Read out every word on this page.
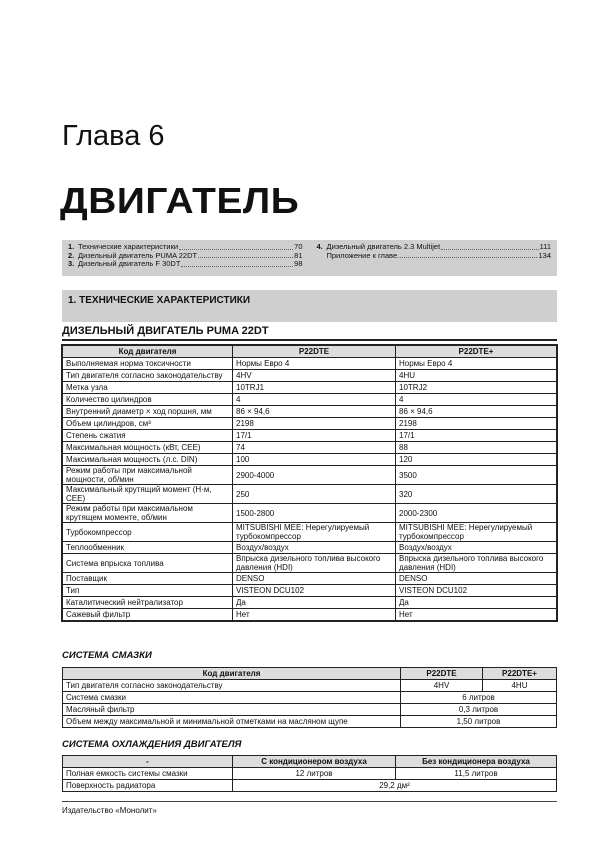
Глава 6
ДВИГАТЕЛЬ
1. Технические характеристики	70
2. Дизельный двигатель PUMA 22DT	81
3. Дизельный двигатель F 30DT	98
4. Дизельный двигатель 2.3 Multijet	111
Приложение к главе	134
1. ТЕХНИЧЕСКИЕ ХАРАКТЕРИСТИКИ
ДИЗЕЛЬНЫЙ ДВИГАТЕЛЬ PUMA 22DT
Код двигателя	P22DTE	P22DTE+
Выполняемая норма токсичности	Нормы Евро 4	Нормы Евро 4
Тип двигателя согласно законодательству	4HV	4HU
Метка узла	10TRJ1	10TRJ2
Количество цилиндров	4	4
Внутренний диаметр × ход поршня, мм	86 × 94,6	86 × 94,6
Объем цилиндров, см³	2198	2198
Степень сжатия	17/1	17/1
Максимальная мощность (кВт, CEE)	74	88
Максимальная мощность (л.с. DIN)	100	120
Режим работы при максимальной мощности, об/мин	2900-4000	3500
Максимальный крутящий момент (Н·м, CEE)	250	320
Режим работы при максимальном крутящем моменте, об/мин	1500-2800	2000-2300
Турбокомпрессор	MITSUBISHI MEE: Нерегулируемый турбокомпрессор	MITSUBISHI MEE: Нерегулируемый турбокомпрессор
Теплообменник	Воздух/воздух	Воздух/воздух
Система впрыска топлива	Впрыска дизельного топлива высокого давления (HDI)	Впрыска дизельного топлива высокого давления (HDI)
Поставщик	DENSO	DENSO
Тип	VISTEON DCU102	VISTEON DCU102
Каталитический нейтрализатор	Да	Да
Сажевый фильтр	Нет	Нет
СИСТЕМА СМАЗКИ
Код двигателя	P22DTE	P22DTE+
Тип двигателя согласно законодательству	4HV	4HU
Система смазки	6 литров	
Масляный фильтр	0,3 литров	
Объем между максимальной и минимальной отметками на масляном щупе	1,50 литров	
СИСТЕМА ОХЛАЖДЕНИЯ ДВИГАТЕЛЯ
-	С кондиционером воздуха	Без кондиционера воздуха
Полная емкость системы смазки	12 литров	11,5 литров
Поверхность радиатора	29,2 дм²	
Издательство «Монолит»
